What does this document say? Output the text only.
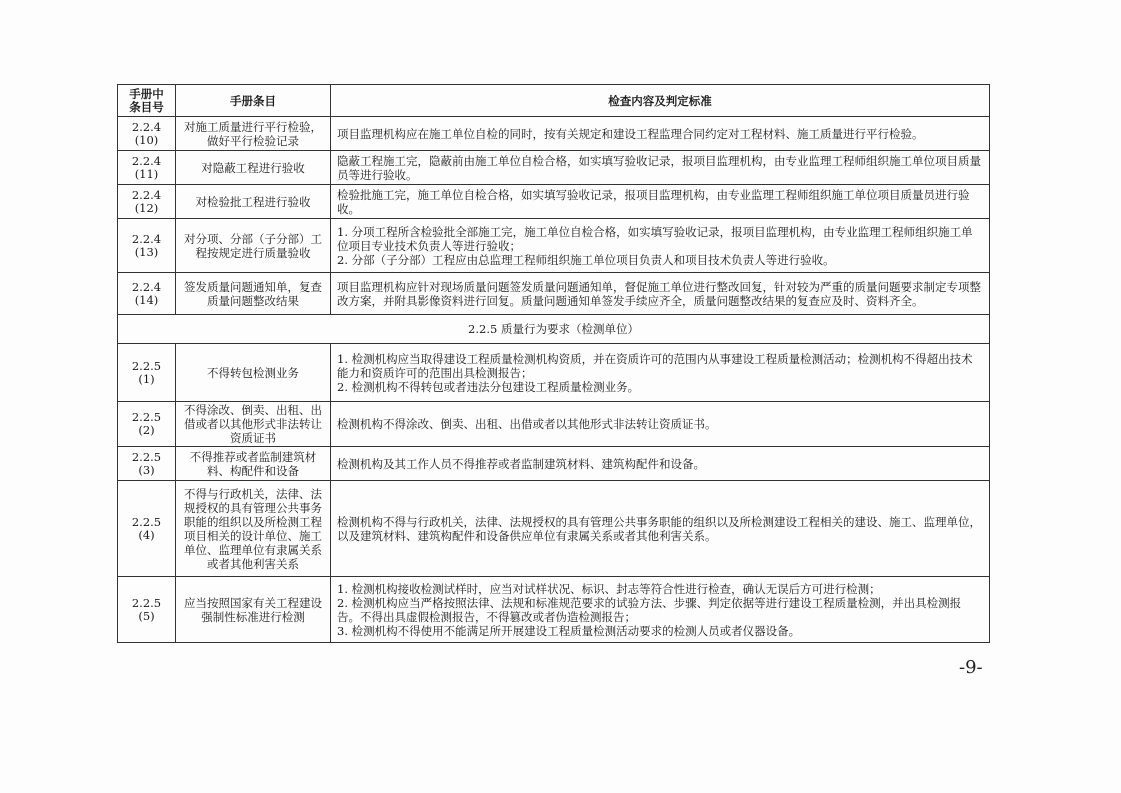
手册中条目号	手册条目	检查内容及判定标准

2.2.4
(10)	对施工质量进行平行检验，做好平行检验记录	项目监理机构应在施工单位自检的同时，按有关规定和建设工程监理合同约定对工程材料、施工质量进行平行检验。

2.2.4
(11)	对隐蔽工程进行验收	隐蔽工程施工完，隐蔽前由施工单位自检合格，如实填写验收记录，报项目监理机构，由专业监理工程师组织施工单位项目质量员等进行验收。

2.2.4
(12)	对检验批工程进行验收	检验批施工完，施工单位自检合格，如实填写验收记录，报项目监理机构，由专业监理工程师组织施工单位项目质量员进行验收。

2.2.4
(13)	对分项、分部（子分部）工程按规定进行质量验收	1. 分项工程所含检验批全部施工完，施工单位自检合格，如实填写验收记录，报项目监理机构，由专业监理工程师组织施工单位项目专业技术负责人等进行验收；
2. 分部（子分部）工程应由总监理工程师组织施工单位项目负责人和项目技术负责人等进行验收。

2.2.4
(14)	签发质量问题通知单，复查质量问题整改结果	项目监理机构应针对现场质量问题签发质量问题通知单，督促施工单位进行整改回复，针对较为严重的质量问题要求制定专项整改方案，并附具影像资料进行回复。质量问题通知单签发手续应齐全，质量问题整改结果的复查应及时、资料齐全。

2.2.5 质量行为要求（检测单位）		

2.2.5
(1)	不得转包检测业务	1. 检测机构应当取得建设工程质量检测机构资质，并在资质许可的范围内从事建设工程质量检测活动；检测机构不得超出技术能力和资质许可的范围出具检测报告；
2. 检测机构不得转包或者违法分包建设工程质量检测业务。

2.2.5
(2)	不得涂改、倒卖、出租、出借或者以其他形式非法转让资质证书	检测机构不得涂改、倒卖、出租、出借或者以其他形式非法转让资质证书。

2.2.5
(3)	不得推荐或者监制建筑材料、构配件和设备	检测机构及其工作人员不得推荐或者监制建筑材料、建筑构配件和设备。

2.2.5
(4)	不得与行政机关，法律、法规授权的具有管理公共事务职能的组织以及所检测工程项目相关的设计单位、施工单位、监理单位有隶属关系或者其他利害关系	检测机构不得与行政机关，法律、法规授权的具有管理公共事务职能的组织以及所检测建设工程相关的建设、施工、监理单位，以及建筑材料、建筑构配件和设备供应单位有隶属关系或者其他利害关系。

2.2.5
(5)	应当按照国家有关工程建设强制性标准进行检测	1. 检测机构接收检测试样时，应当对试样状况、标识、封志等符合性进行检查，确认无误后方可进行检测；
2. 检测机构应当严格按照法律、法规和标准规范要求的试验方法、步骤、判定依据等进行建设工程质量检测，并出具检测报告。不得出具虚假检测报告，不得篡改或者伪造检测报告；
3. 检测机构不得使用不能满足所开展建设工程质量检测活动要求的检测人员或者仪器设备。
-9-
